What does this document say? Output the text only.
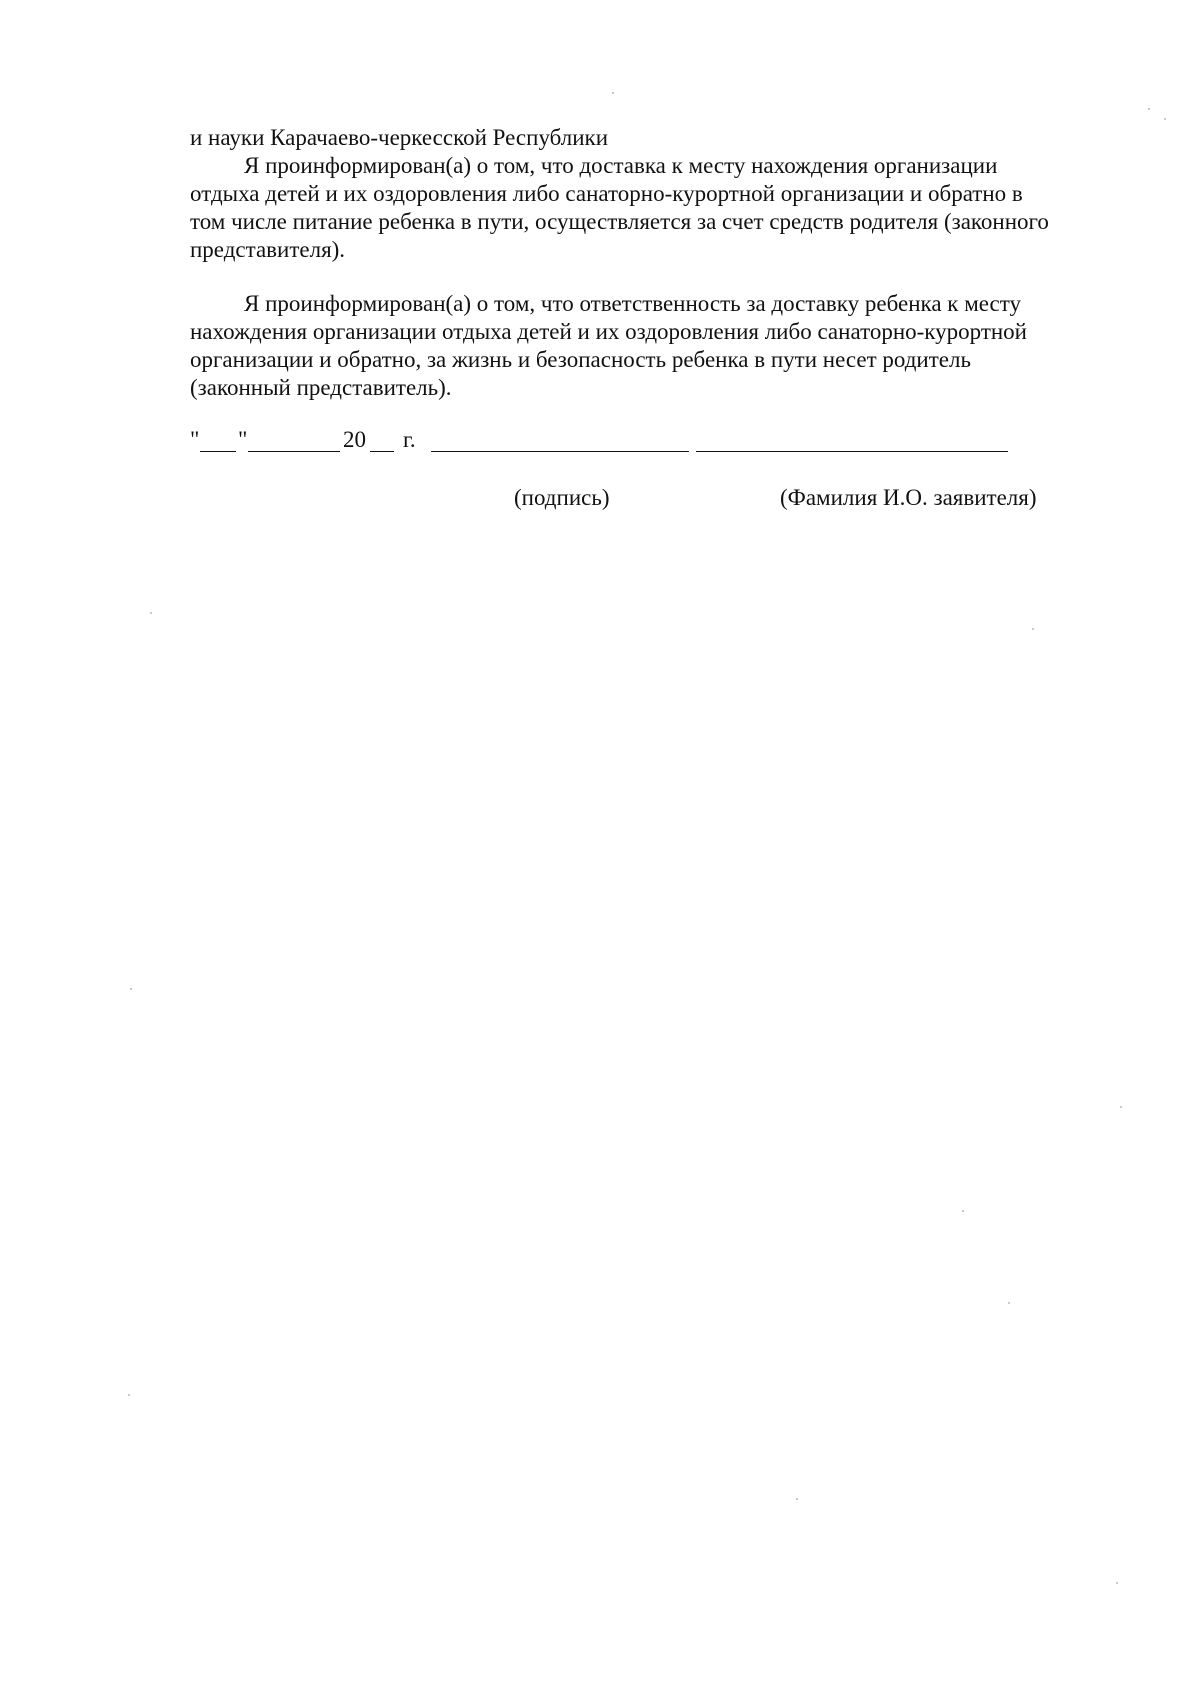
и науки Карачаево-черкесской Республики
Я проинформирован(а) о том, что доставка к месту нахождения организации
отдыха детей и их оздоровления либо санаторно-курортной организации и обратно в
том числе питание ребенка в пути, осуществляется за счет средств родителя (законного
представителя).
Я проинформирован(а) о том, что ответственность за доставку ребенка к месту
нахождения организации отдыха детей и их оздоровления либо санаторно-курортной
организации и обратно, за жизнь и безопасность ребенка в пути несет родитель
(законный представитель).
" "	20 г.
(подпись)	(Фамилия И.О. заявителя)
